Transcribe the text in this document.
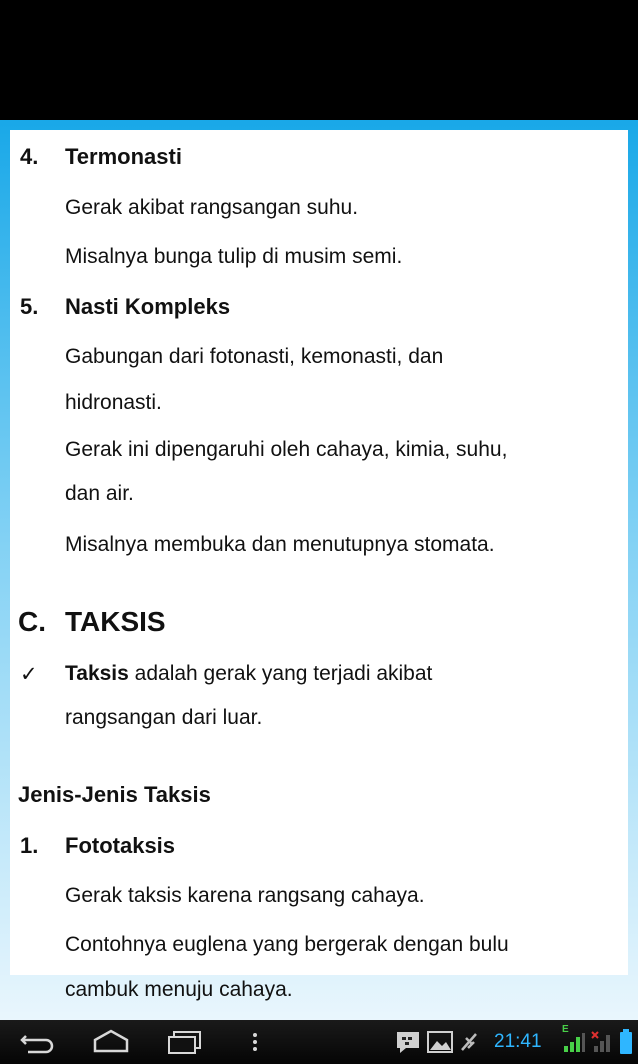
4. Termonasti
Gerak akibat rangsangan suhu.
Misalnya bunga tulip di musim semi.
5. Nasti Kompleks
Gabungan dari fotonasti, kemonasti, dan
hidronasti.
Gerak ini dipengaruhi oleh cahaya, kimia, suhu,
dan air.
Misalnya membuka dan menutupnya stomata.
C. TAKSIS
✓ Taksis adalah gerak yang terjadi akibat
rangsangan dari luar.
Jenis-Jenis Taksis
1. Fototaksis
Gerak taksis karena rangsang cahaya.
Contohnya euglena yang bergerak dengan bulu
cambuk menuju cahaya.
21:41
E
